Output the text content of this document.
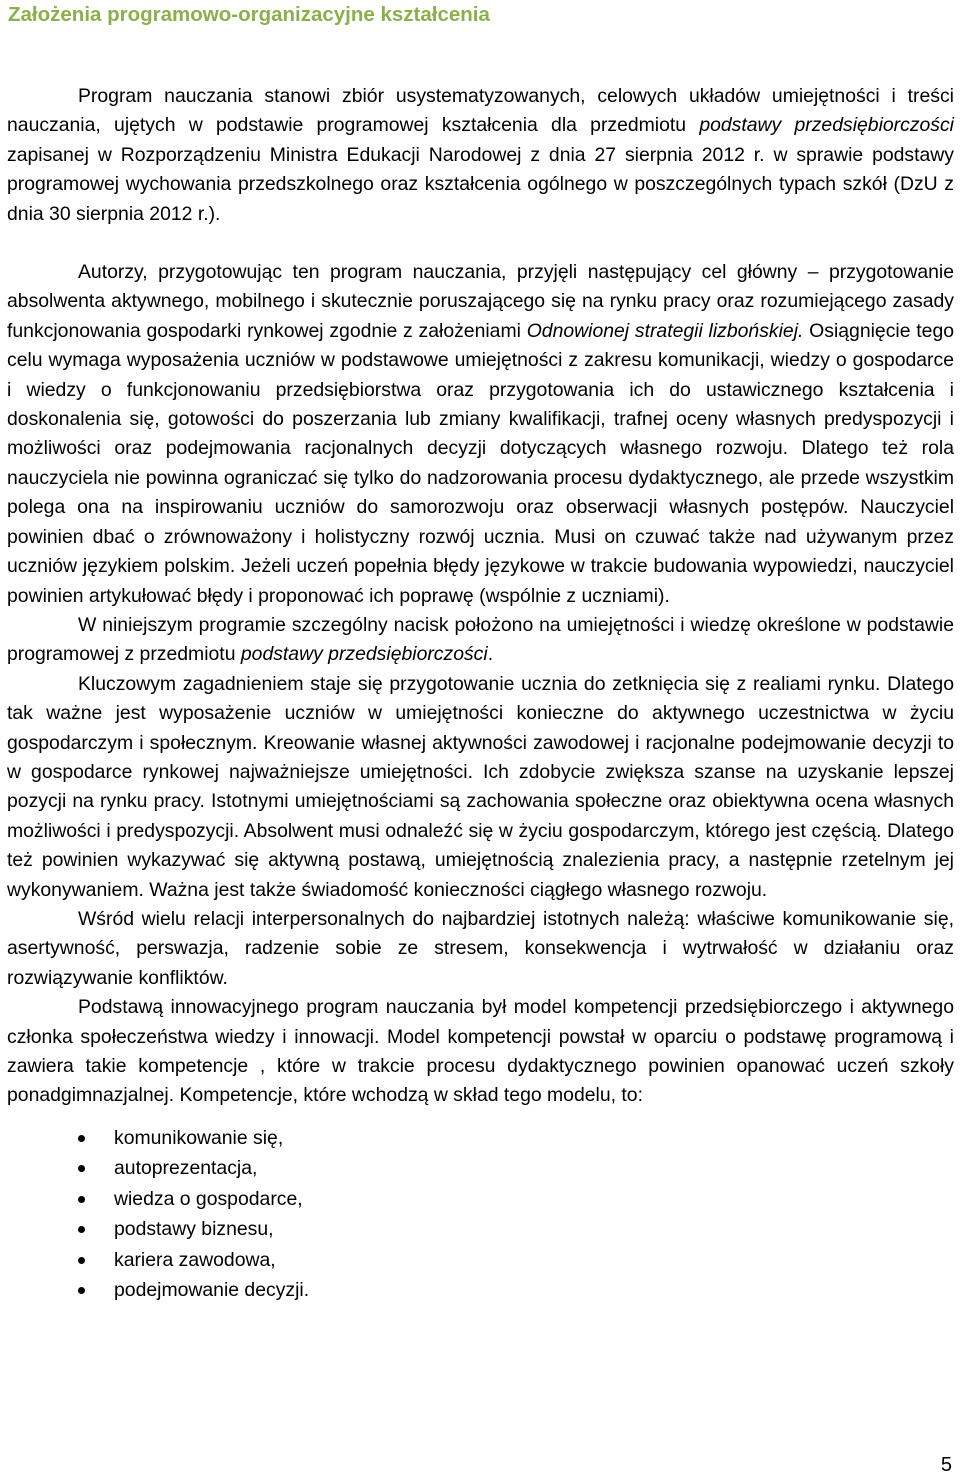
Założenia programowo-organizacyjne kształcenia

Program nauczania stanowi zbiór usystematyzowanych, celowych układów umiejętności i treści nauczania, ujętych w podstawie programowej kształcenia dla przedmiotu podstawy przedsiębiorczości zapisanej w Rozporządzeniu Ministra Edukacji Narodowej z dnia 27 sierpnia 2012 r. w sprawie podstawy programowej wychowania przedszkolnego oraz kształcenia ogólnego w poszczególnych typach szkół (DzU z dnia 30 sierpnia 2012 r.).

Autorzy, przygotowując ten program nauczania, przyjęli następujący cel główny – przygotowanie absolwenta aktywnego, mobilnego i skutecznie poruszającego się na rynku pracy oraz rozumiejącego zasady funkcjonowania gospodarki rynkowej zgodnie z założeniami Odnowionej strategii lizbońskiej. Osiągnięcie tego celu wymaga wyposażenia uczniów w podstawowe umiejętności z zakresu komunikacji, wiedzy o gospodarce i wiedzy o funkcjonowaniu przedsiębiorstwa oraz przygotowania ich do ustawicznego kształcenia i doskonalenia się, gotowości do poszerzania lub zmiany kwalifikacji, trafnej oceny własnych predyspozycji i możliwości oraz podejmowania racjonalnych decyzji dotyczących własnego rozwoju. Dlatego też rola nauczyciela nie powinna ograniczać się tylko do nadzorowania procesu dydaktycznego, ale przede wszystkim polega ona na inspirowaniu uczniów do samorozwoju oraz obserwacji własnych postępów. Nauczyciel powinien dbać o zrównoważony i holistyczny rozwój ucznia. Musi on czuwać także nad używanym przez uczniów językiem polskim. Jeżeli uczeń popełnia błędy językowe w trakcie budowania wypowiedzi, nauczyciel powinien artykułować błędy i proponować ich poprawę (wspólnie z uczniami).

W niniejszym programie szczególny nacisk położono na umiejętności i wiedzę określone w podstawie programowej z przedmiotu podstawy przedsiębiorczości.

Kluczowym zagadnieniem staje się przygotowanie ucznia do zetknięcia się z realiami rynku. Dlatego tak ważne jest wyposażenie uczniów w umiejętności konieczne do aktywnego uczestnictwa w życiu gospodarczym i społecznym. Kreowanie własnej aktywności zawodowej i racjonalne podejmowanie decyzji to w gospodarce rynkowej najważniejsze umiejętności. Ich zdobycie zwiększa szanse na uzyskanie lepszej pozycji na rynku pracy. Istotnymi umiejętnościami są zachowania społeczne oraz obiektywna ocena własnych możliwości i predyspozycji. Absolwent musi odnaleźć się w życiu gospodarczym, którego jest częścią. Dlatego też powinien wykazywać się aktywną postawą, umiejętnością znalezienia pracy, a następnie rzetelnym jej wykonywaniem. Ważna jest także świadomość konieczności ciągłego własnego rozwoju.

Wśród wielu relacji interpersonalnych do najbardziej istotnych należą: właściwe komunikowanie się, asertywność, perswazja, radzenie sobie ze stresem, konsekwencja i wytrwałość w działaniu oraz rozwiązywanie konfliktów.

Podstawą innowacyjnego program nauczania był model kompetencji przedsiębiorczego i aktywnego członka społeczeństwa wiedzy i innowacji. Model kompetencji powstał w oparciu o podstawę programową i zawiera takie kompetencje , które w trakcie procesu dydaktycznego powinien opanować uczeń szkoły ponadgimnazjalnej. Kompetencje, które wchodzą w skład tego modelu, to:

komunikowanie się,
autoprezentacja,
wiedza o gospodarce,
podstawy biznesu,
kariera zawodowa,
podejmowanie decyzji.
5
